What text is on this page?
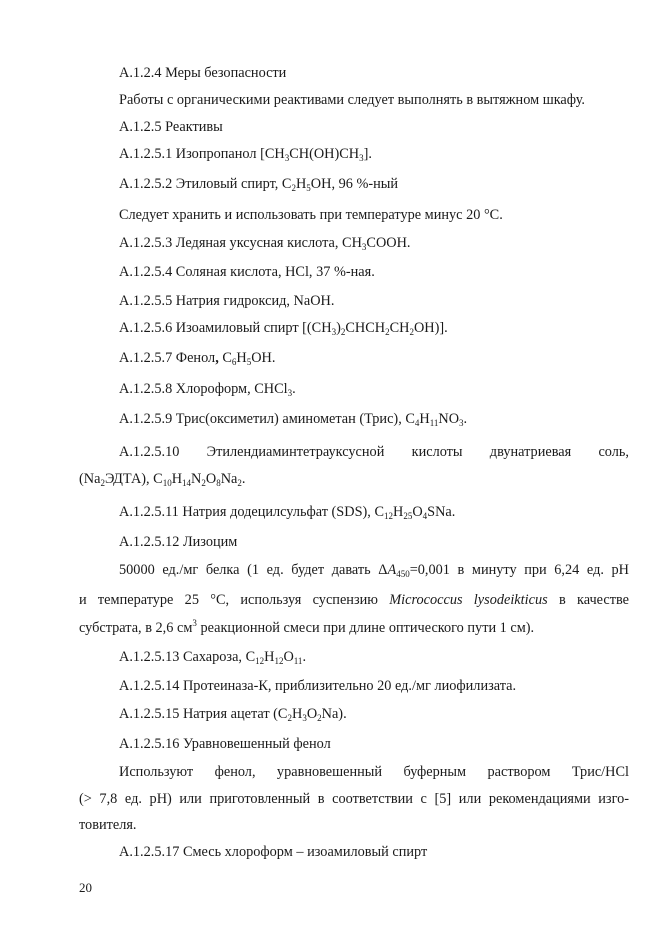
А.1.2.4 Меры безопасности
Работы с органическими реактивами следует выполнять в вытяжном шкафу.
А.1.2.5 Реактивы
А.1.2.5.1 Изопропанол $[CH_3CH(OH)CH_3]$.
А.1.2.5.2 Этиловый спирт, $C_2H_5OH$, 96 %-ный
Следует хранить и использовать при температуре минус 20 °С.
А.1.2.5.3 Ледяная уксусная кислота, $CH_3COOH$.
А.1.2.5.4 Соляная кислота, HCl, 37 %-ная.
А.1.2.5.5 Натрия гидроксид, NaOH.
А.1.2.5.6 Изоамиловый спирт $[(CH_3)_2CHCH_2CH_2OH)$].
А.1.2.5.7 Фенол, $C_6H_5OH$.
А.1.2.5.8 Хлороформ, CHCl$_3$.
А.1.2.5.9 Трис(оксиметил) аминометан (Трис), $C_4H_{11}NO_3$.
А.1.2.5.10 Этилендиаминтетрауксусной кислоты двунатриевая соль,
$(Na_2ЭДТА)$, $C_{10}H_{14}N_2O_8Na_2$.
А.1.2.5.11 Натрия додецилсульфат (SDS), $C_{12}H_{25}O_4SNa$.
А.1.2.5.12 Лизоцим
50000 ед./мг белка (1 ед. будет давать $\Delta A_{450}=0,001$ в минуту при 6,24 ед. pH
и температуре 25 °С, используя суспензию Micrococcus lysodeikticus в качестве
субстрата, в 2,6 $см^3$ реакционной смеси при длине оптического пути 1 см).
А.1.2.5.13 Сахароза, $C_{12}H_{12}O_{11}$.
А.1.2.5.14 Протеиназа-К, приблизительно 20 ед./мг лиофилизата.
А.1.2.5.15 Натрия ацетат $(C_2H_3O_2Na)$.
А.1.2.5.16 Уравновешенный фенол
Используют фенол, уравновешенный буферным раствором Трис/HCl
(> 7,8 ед. рН) или приготовленный в соответствии с [5] или рекомендациями изго-
товителя.
А.1.2.5.17 Смесь хлороформ – изоамиловый спирт
20
